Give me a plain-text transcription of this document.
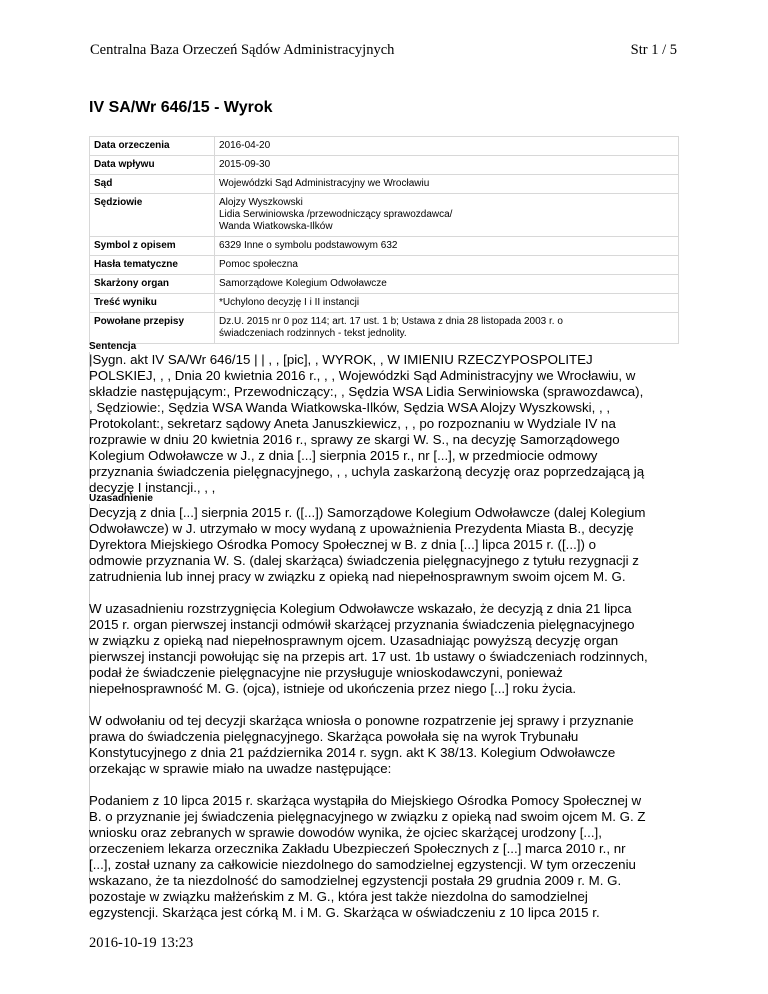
Centralna Baza Orzeczeń Sądów Administracyjnych	Str 1 / 5
IV SA/Wr 646/15 - Wyrok
Data orzeczenia	2016-04-20

Data wpływu	2015-09-30

Sąd	Wojewódzki Sąd Administracyjny we Wrocławiu

Sędziowie	Alojzy Wyszkowski
Lidia Serwiniowska /przewodniczący sprawozdawca/
Wanda Wiatkowska-Ilków

Symbol z opisem	6329 Inne o symbolu podstawowym 632

Hasła tematyczne	Pomoc społeczna

Skarżony organ	Samorządowe Kolegium Odwoławcze

Treść wyniku	*Uchylono decyzję I i II instancji

Powołane przepisy	Dz.U. 2015 nr 0 poz 114; art. 17 ust. 1 b; Ustawa z dnia 28 listopada 2003 r. o
świadczeniach rodzinnych - tekst jednolity.
Sentencja
|Sygn. akt IV SA/Wr 646/15 | | , , [pic], , WYROK, , W IMIENIU RZECZYPOSPOLITEJ
POLSKIEJ, , , Dnia 20 kwietnia 2016 r., , , Wojewódzki Sąd Administracyjny we Wrocławiu, w
składzie następującym:, Przewodniczący:, , Sędzia WSA Lidia Serwiniowska (sprawozdawca),
, Sędziowie:, Sędzia WSA Wanda Wiatkowska-Ilków, Sędzia WSA Alojzy Wyszkowski, , ,
Protokolant:, sekretarz sądowy Aneta Januszkiewicz, , , po rozpoznaniu w Wydziale IV na
rozprawie w dniu 20 kwietnia 2016 r., sprawy ze skargi W. S., na decyzję Samorządowego
Kolegium Odwoławcze w J., z dnia [...] sierpnia 2015 r., nr [...], w przedmiocie odmowy
przyznania świadczenia pielęgnacyjnego, , , uchyla zaskarżoną decyzję oraz poprzedzającą ją
decyzję I instancji., , ,
Uzasadnienie

Decyzją z dnia [...] sierpnia 2015 r. ([...]) Samorządowe Kolegium Odwoławcze (dalej Kolegium
Odwoławcze) w J. utrzymało w mocy wydaną z upoważnienia Prezydenta Miasta B., decyzję
Dyrektora Miejskiego Ośrodka Pomocy Społecznej w B. z dnia [...] lipca 2015 r. ([...]) o
odmowie przyznania W. S. (dalej skarżąca) świadczenia pielęgnacyjnego z tytułu rezygnacji z
zatrudnienia lub innej pracy w związku z opieką nad niepełnosprawnym swoim ojcem M. G.

W uzasadnieniu rozstrzygnięcia Kolegium Odwoławcze wskazało, że decyzją z dnia 21 lipca
2015 r. organ pierwszej instancji odmówił skarżącej przyznania świadczenia pielęgnacyjnego
w związku z opieką nad niepełnosprawnym ojcem. Uzasadniając powyższą decyzję organ
pierwszej instancji powołując się na przepis art. 17 ust. 1b ustawy o świadczeniach rodzinnych,
podał że świadczenie pielęgnacyjne nie przysługuje wnioskodawczyni, ponieważ
niepełnosprawność M. G. (ojca), istnieje od ukończenia przez niego [...] roku życia.

W odwołaniu od tej decyzji skarżąca wniosła o ponowne rozpatrzenie jej sprawy i przyznanie
prawa do świadczenia pielęgnacyjnego. Skarżąca powołała się na wyrok Trybunału
Konstytucyjnego z dnia 21 października 2014 r. sygn. akt K 38/13. Kolegium Odwoławcze
orzekając w sprawie miało na uwadze następujące:

Podaniem z 10 lipca 2015 r. skarżąca wystąpiła do Miejskiego Ośrodka Pomocy Społecznej w
B. o przyznanie jej świadczenia pielęgnacyjnego w związku z opieką nad swoim ojcem M. G. Z
wniosku oraz zebranych w sprawie dowodów wynika, że ojciec skarżącej urodzony [...],
orzeczeniem lekarza orzecznika Zakładu Ubezpieczeń Społecznych z [...] marca 2010 r., nr
[...], został uznany za całkowicie niezdolnego do samodzielnej egzystencji. W tym orzeczeniu
wskazano, że ta niezdolność do samodzielnej egzystencji postała 29 grudnia 2009 r. M. G.
pozostaje w związku małżeńskim z M. G., która jest także niezdolna do samodzielnej
egzystencji. Skarżąca jest córką M. i M. G. Skarżąca w oświadczeniu z 10 lipca 2015 r.

2016-10-19 13:23
